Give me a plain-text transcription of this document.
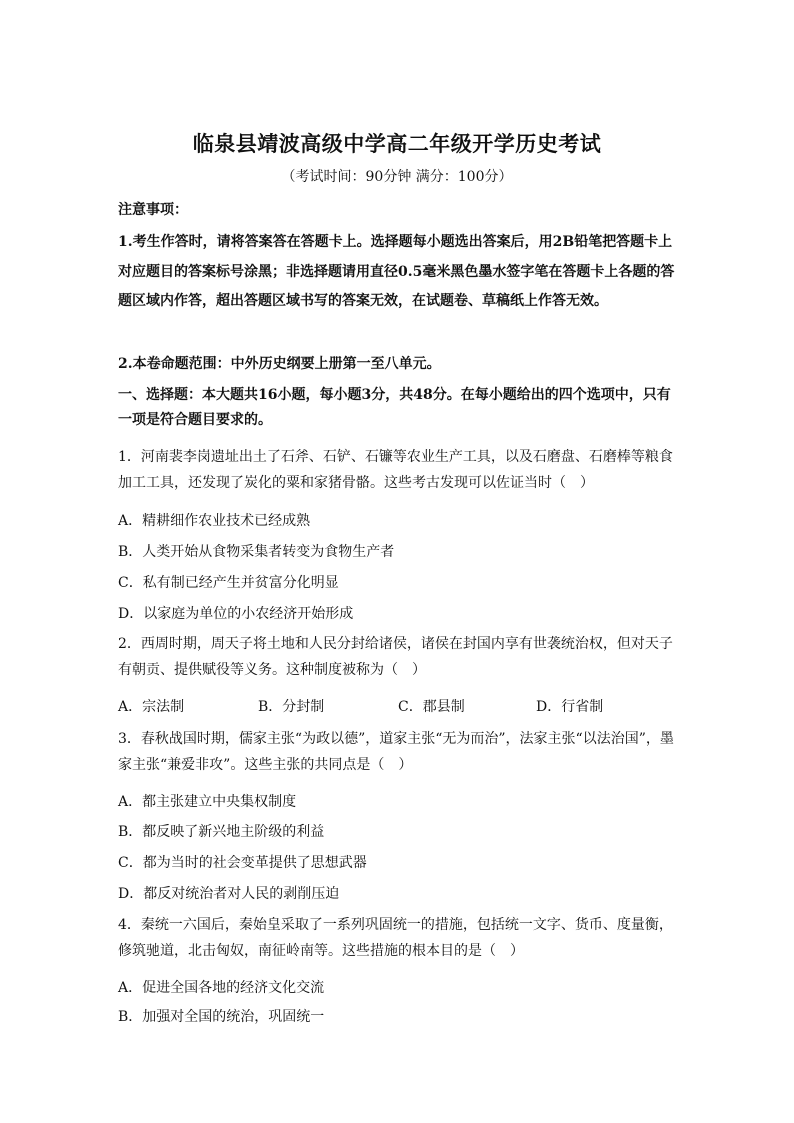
临泉县靖波高级中学高二年级开学历史考试
（考试时间：90分钟 满分：100分）
注意事项：
1.考生作答时，请将答案答在答题卡上。选择题每小题选出答案后，用2B铅笔把答题卡上对应题目的答案标号涂黑；非选择题请用直径0.5毫米黑色墨水签字笔在答题卡上各题的答题区域内作答，超出答题区域书写的答案无效，在试题卷、草稿纸上作答无效。
2.本卷命题范围：中外历史纲要上册第一至八单元。
一、选择题：本大题共16小题，每小题3分，共48分。在每小题给出的四个选项中，只有一项是符合题目要求的。
1．河南裴李岗遗址出土了石斧、石铲、石镰等农业生产工具，以及石磨盘、石磨棒等粮食加工工具，还发现了炭化的粟和家猪骨骼。这些考古发现可以佐证当时（　）
A．精耕细作农业技术已经成熟
B．人类开始从食物采集者转变为食物生产者
C．私有制已经产生并贫富分化明显
D．以家庭为单位的小农经济开始形成
2．西周时期，周天子将土地和人民分封给诸侯，诸侯在封国内享有世袭统治权，但对天子有朝贡、提供赋役等义务。这种制度被称为（　）
A．宗法制	B．分封制	C．郡县制	D．行省制
3．春秋战国时期，儒家主张“为政以德”，道家主张“无为而治”，法家主张“以法治国”，墨家主张“兼爱非攻”。这些主张的共同点是（　）
A．都主张建立中央集权制度
B．都反映了新兴地主阶级的利益
C．都为当时的社会变革提供了思想武器
D．都反对统治者对人民的剥削压迫
4．秦统一六国后，秦始皇采取了一系列巩固统一的措施，包括统一文字、货币、度量衡，修筑驰道，北击匈奴，南征岭南等。这些措施的根本目的是（　）
A．促进全国各地的经济文化交流
B．加强对全国的统治，巩固统一
